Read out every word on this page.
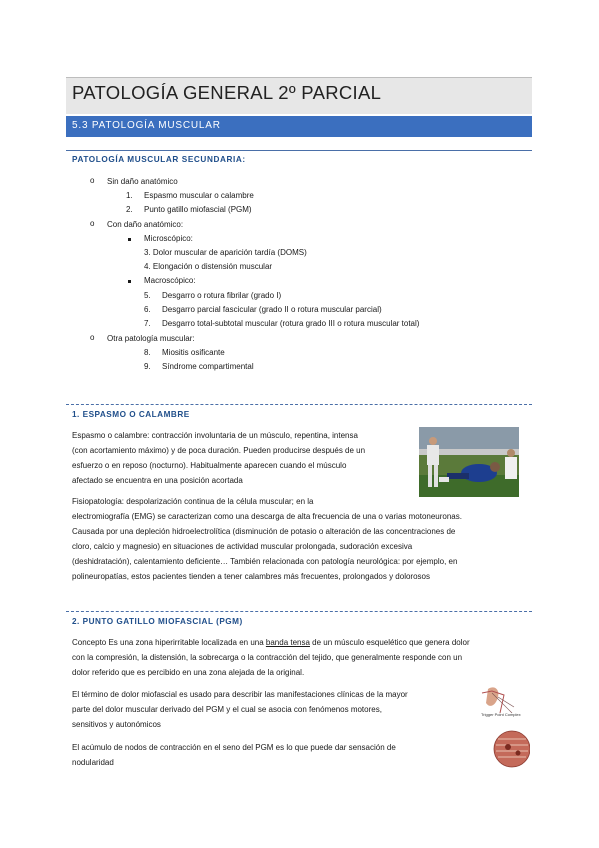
PATOLOGÍA GENERAL 2º PARCIAL
5.3 PATOLOGÍA MUSCULAR
PATOLOGÍA MUSCULAR SECUNDARIA:
o Sin daño anatómico
1. Espasmo muscular o calambre
2. Punto gatillo miofascial (PGM)
o Con daño anatómico:
Microscópico:
3. Dolor muscular de aparición tardía (DOMS)
4. Elongación o distensión muscular
Macroscópico:
5. Desgarro o rotura fibrilar (grado I)
6. Desgarro parcial fascicular (grado II o rotura muscular parcial)
7. Desgarro total-subtotal muscular (rotura grado III o rotura muscular total)
o Otra patología muscular:
8. Miositis osificante
9. Síndrome compartimental
1. ESPASMO O CALAMBRE
Espasmo o calambre: contracción involuntaria de un músculo, repentina, intensa
(con acortamiento máximo) y de poca duración. Pueden producirse después de un
esfuerzo o en reposo (nocturno). Habitualmente aparecen cuando el músculo
afectado se encuentra en una posición acortada
Fisiopatología: despolarización continua de la célula muscular; en la
electromiografía (EMG) se caracterizan como una descarga de alta frecuencia de una o varias motoneuronas.
Causada por una depleción hidroelectrolítica (disminución de potasio o alteración de las concentraciones de
cloro, calcio y magnesio) en situaciones de actividad muscular prolongada, sudoración excesiva
(deshidratación), calentamiento deficiente… También relacionada con patología neurológica: por ejemplo, en
polineuropatías, estos pacientes tienden a tener calambres más frecuentes, prolongados y dolorosos
2. PUNTO GATILLO MIOFASCIAL (PGM)
Concepto Es una zona hiperirritable localizada en una banda tensa de un músculo esquelético que genera dolor
con la compresión, la distensión, la sobrecarga o la contracción del tejido, que generalmente responde con un
dolor referido que es percibido en una zona alejada de la original.
El término de dolor miofascial es usado para describir las manifestaciones clínicas de la mayor
parte del dolor muscular derivado del PGM y el cual se asocia con fenómenos motores,
sensitivos y autonómicos
El acúmulo de nodos de contracción en el seno del PGM es lo que puede dar sensación de
nodularidad
Trigger Point Complex
